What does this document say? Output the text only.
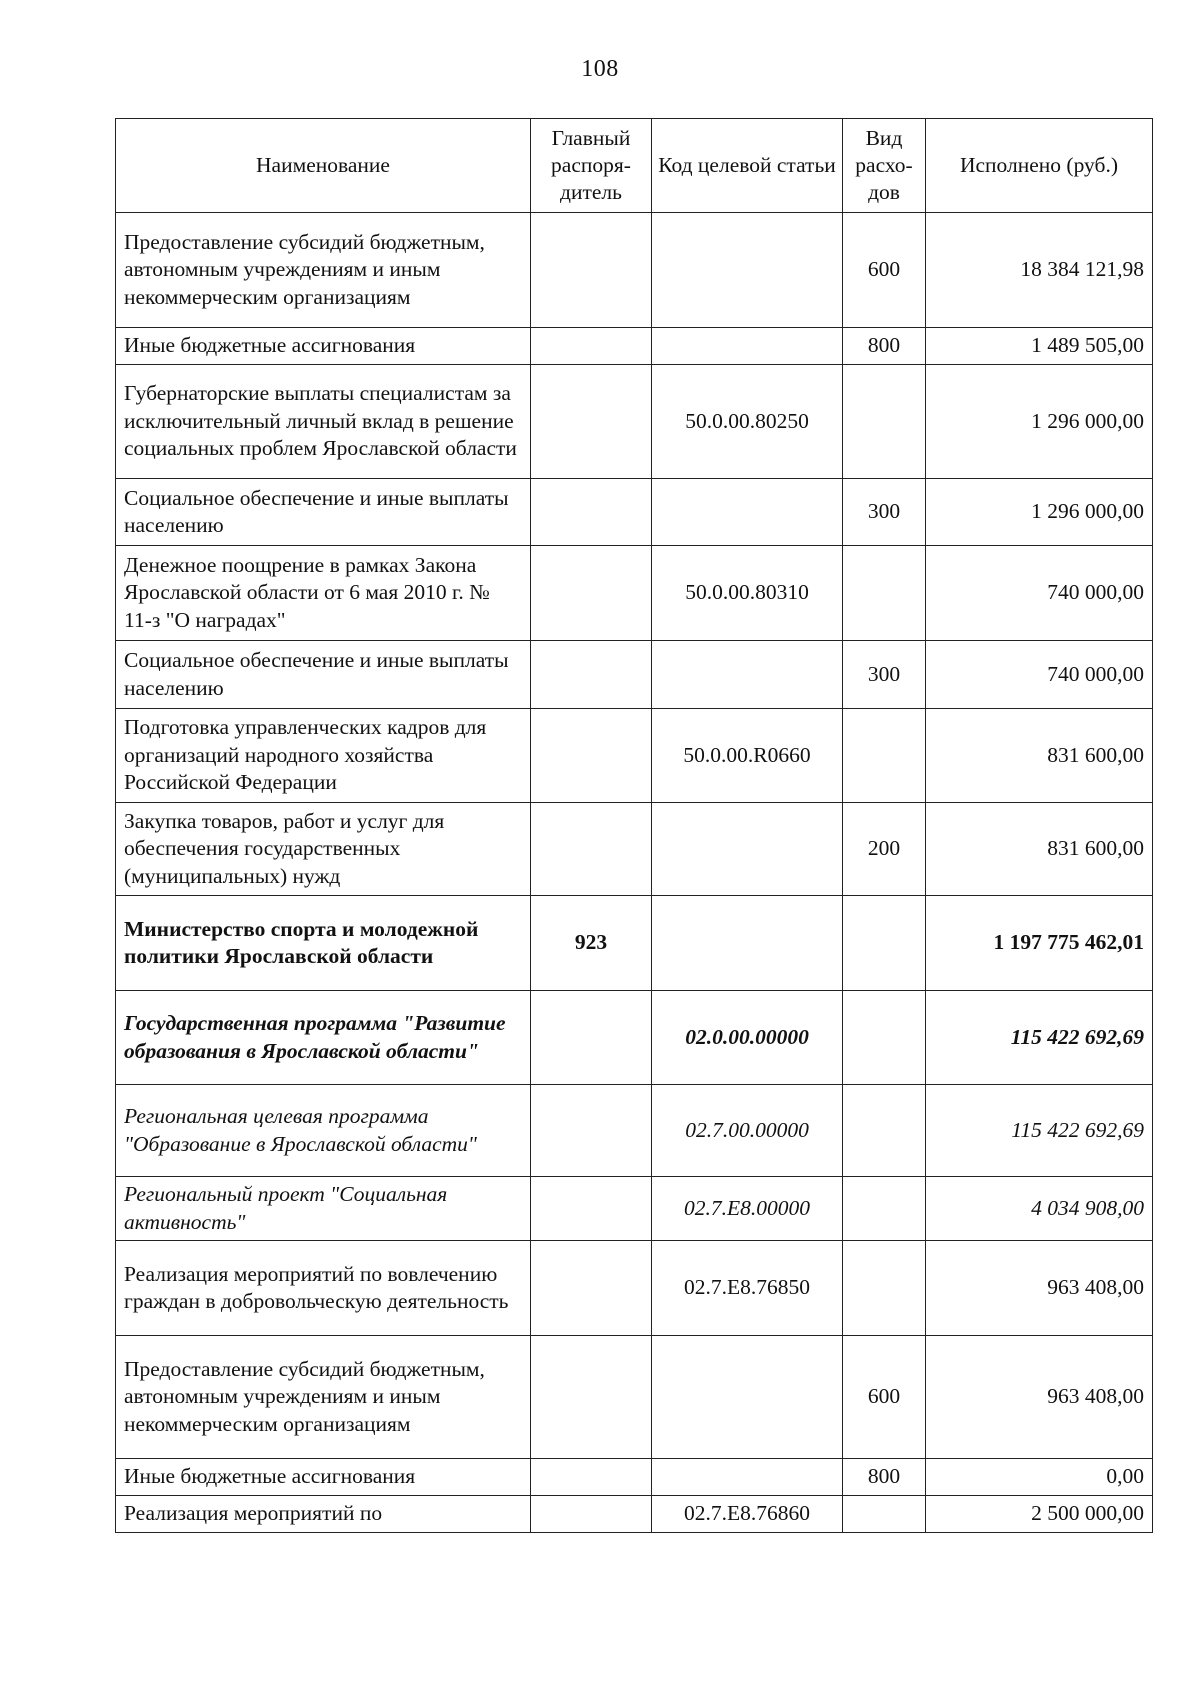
108
Наименование	Главный распоря-дитель	Код целевой статьи	Вид расхо-дов	Исполнено (руб.)
Предоставление субсидий бюджетным, автономным учреждениям и иным некоммерческим организациям			600	18 384 121,98
Иные бюджетные ассигнования			800	1 489 505,00
Губернаторские выплаты специалистам за исключительный личный вклад в решение социальных проблем Ярославской области		50.0.00.80250		1 296 000,00
Социальное обеспечение и иные выплаты населению			300	1 296 000,00
Денежное поощрение в рамках Закона Ярославской области от 6 мая 2010 г. № 11-з "О наградах"		50.0.00.80310		740 000,00
Социальное обеспечение и иные выплаты населению			300	740 000,00
Подготовка управленческих кадров для организаций народного хозяйства Российской Федерации		50.0.00.R0660		831 600,00
Закупка товаров, работ и услуг для обеспечения государственных (муниципальных) нужд			200	831 600,00
Министерство спорта и молодежной политики Ярославской области	923			1 197 775 462,01
Государственная программа "Развитие образования в Ярославской области"		02.0.00.00000		115 422 692,69
Региональная целевая программа "Образование в Ярославской области"		02.7.00.00000		115 422 692,69
Региональный проект "Социальная активность"		02.7.E8.00000		4 034 908,00
Реализация мероприятий по вовлечению граждан в добровольческую деятельность		02.7.E8.76850		963 408,00
Предоставление субсидий бюджетным, автономным учреждениям и иным некоммерческим организациям			600	963 408,00
Иные бюджетные ассигнования			800	0,00
Реализация мероприятий по		02.7.E8.76860		2 500 000,00
